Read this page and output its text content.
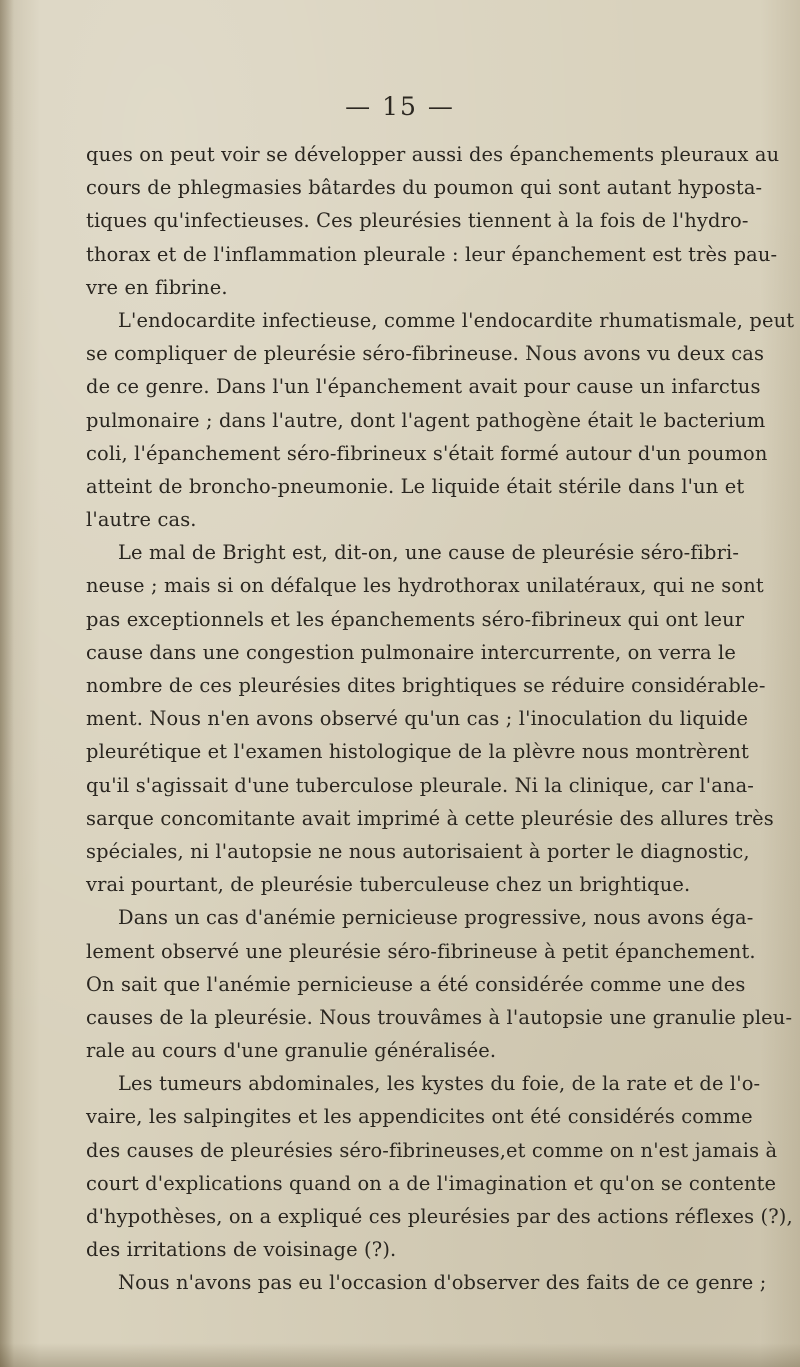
— 15 —
ques on peut voir se développer aussi des épanchements pleuraux au
cours de phlegmasies bâtardes du poumon qui sont autant hyposta-
tiques qu'infectieuses. Ces pleurésies tiennent à la fois de l'hydro-
thorax et de l'inflammation pleurale : leur épanchement est très pau-
vre en fibrine.
L'endocardite infectieuse, comme l'endocardite rhumatismale, peut
se compliquer de pleurésie séro-fibrineuse. Nous avons vu deux cas
de ce genre. Dans l'un l'épanchement avait pour cause un infarctus
pulmonaire ; dans l'autre, dont l'agent pathogène était le bacterium
coli, l'épanchement séro-fibrineux s'était formé autour d'un poumon
atteint de broncho-pneumonie. Le liquide était stérile dans l'un et
l'autre cas.
Le mal de Bright est, dit-on, une cause de pleurésie séro-fibri-
neuse ; mais si on défalque les hydrothorax unilatéraux, qui ne sont
pas exceptionnels et les épanchements séro-fibrineux qui ont leur
cause dans une congestion pulmonaire intercurrente, on verra le
nombre de ces pleurésies dites brightiques se réduire considérable-
ment. Nous n'en avons observé qu'un cas ; l'inoculation du liquide
pleurétique et l'examen histologique de la plèvre nous montrèrent
qu'il s'agissait d'une tuberculose pleurale. Ni la clinique, car l'ana-
sarque concomitante avait imprimé à cette pleurésie des allures très
spéciales, ni l'autopsie ne nous autorisaient à porter le diagnostic,
vrai pourtant, de pleurésie tuberculeuse chez un brightique.
Dans un cas d'anémie pernicieuse progressive, nous avons éga-
lement observé une pleurésie séro-fibrineuse à petit épanchement.
On sait que l'anémie pernicieuse a été considérée comme une des
causes de la pleurésie. Nous trouvâmes à l'autopsie une granulie pleu-
rale au cours d'une granulie généralisée.
Les tumeurs abdominales, les kystes du foie, de la rate et de l'o-
vaire, les salpingites et les appendicites ont été considérés comme
des causes de pleurésies séro-fibrineuses,et comme on n'est jamais à
court d'explications quand on a de l'imagination et qu'on se contente
d'hypothèses, on a expliqué ces pleurésies par des actions réflexes (?),
des irritations de voisinage (?).
Nous n'avons pas eu l'occasion d'observer des faits de ce genre ;
